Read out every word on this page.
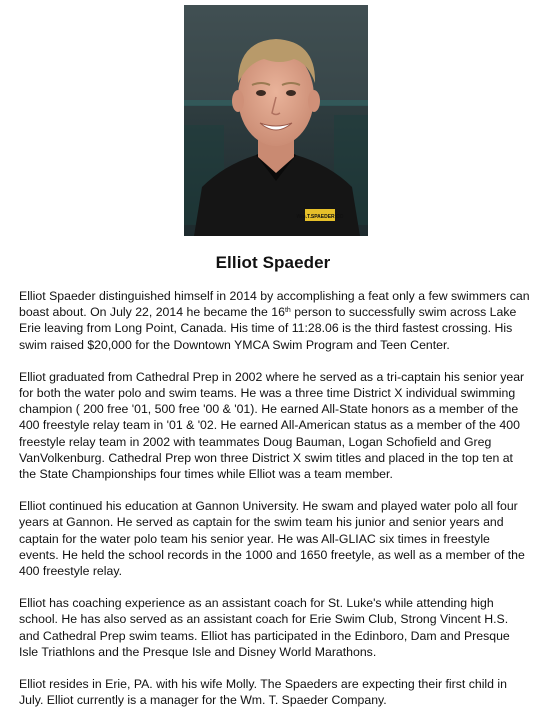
Wm.T.SPAEDER CO
Elliot Spaeder

Elliot Spaeder distinguished himself in 2014 by accomplishing a feat only a few swimmers can boast about. On July 22, 2014 he became the 16th person to successfully swim across Lake Erie leaving from Long Point, Canada. His time of 11:28.06 is the third fastest crossing. His swim raised $20,000 for the Downtown YMCA Swim Program and Teen Center.

Elliot graduated from Cathedral Prep in 2002 where he served as a tri-captain his senior year for both the water polo and swim teams. He was a three time District X individual swimming champion ( 200 free '01, 500 free '00 & '01). He earned All-State honors as a member of the 400 freestyle relay team in '01 & '02. He earned All-American status as a member of the 400 freestyle relay team in 2002 with teammates Doug Bauman, Logan Schofield and Greg VanVolkenburg. Cathedral Prep won three District X swim titles and placed in the top ten at the State Championships four times while Elliot was a team member.

Elliot continued his education at Gannon University. He swam and played water polo all four years at Gannon. He served as captain for the swim team his junior and senior years and captain for the water polo team his senior year. He was All-GLIAC six times in freestyle events. He held the school records in the 1000 and 1650 freetyle, as well as a member of the 400 freestyle relay.

Elliot has coaching experience as an assistant coach for St. Luke's while attending high school. He has also served as an assistant coach for Erie Swim Club, Strong Vincent H.S. and Cathedral Prep swim teams. Elliot has participated in the Edinboro, Dam and Presque Isle Triathlons and the Presque Isle and Disney World Marathons.

Elliot resides in Erie, PA. with his wife Molly. The Spaeders are expecting their first child in July. Elliot currently is a manager for the Wm. T. Spaeder Company.
